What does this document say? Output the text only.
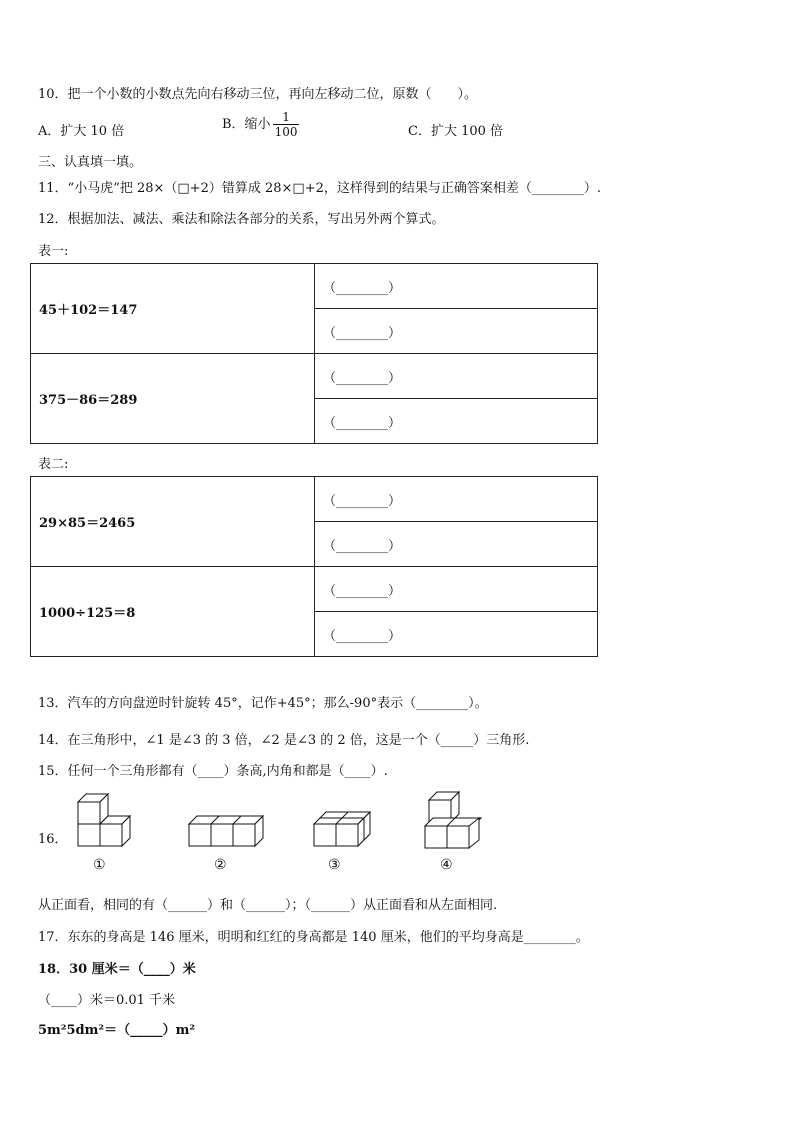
10．把一个小数的小数点先向右移动三位，再向左移动二位，原数（　　）。
A．扩大 10 倍	B．缩小 $\frac{1}{100}$	C．扩大 100 倍
三、认真填一填。
11．“小马虎”把 28×（□+2）错算成 28×□+2，这样得到的结果与正确答案相差（________）.
12．根据加法、减法、乘法和除法各部分的关系，写出另外两个算式。
表一:
45＋102＝147	（________）
	（________）
375－86＝289	（________）
	（________）
表二:
29×85＝2465	（________）
	（________）
1000÷125＝8	（________）
	（________）
13．汽车的方向盘逆时针旋转 45°，记作+45°；那么-90°表示（________）。
14．在三角形中，∠1 是∠3 的 3 倍，∠2 是∠3 的 2 倍，这是一个（_____）三角形.
15．任何一个三角形都有（____）条高,内角和都是（____）.
16．
①	②	③	④
从正面看，相同的有（______）和（______）；（______）从正面看和从左面相同.
17．东东的身高是 146 厘米，明明和红红的身高都是 140 厘米，他们的平均身高是________。
18．30 厘米＝（____）米
（____）米＝0.01 千米
5m²5dm²＝（_____）m²
